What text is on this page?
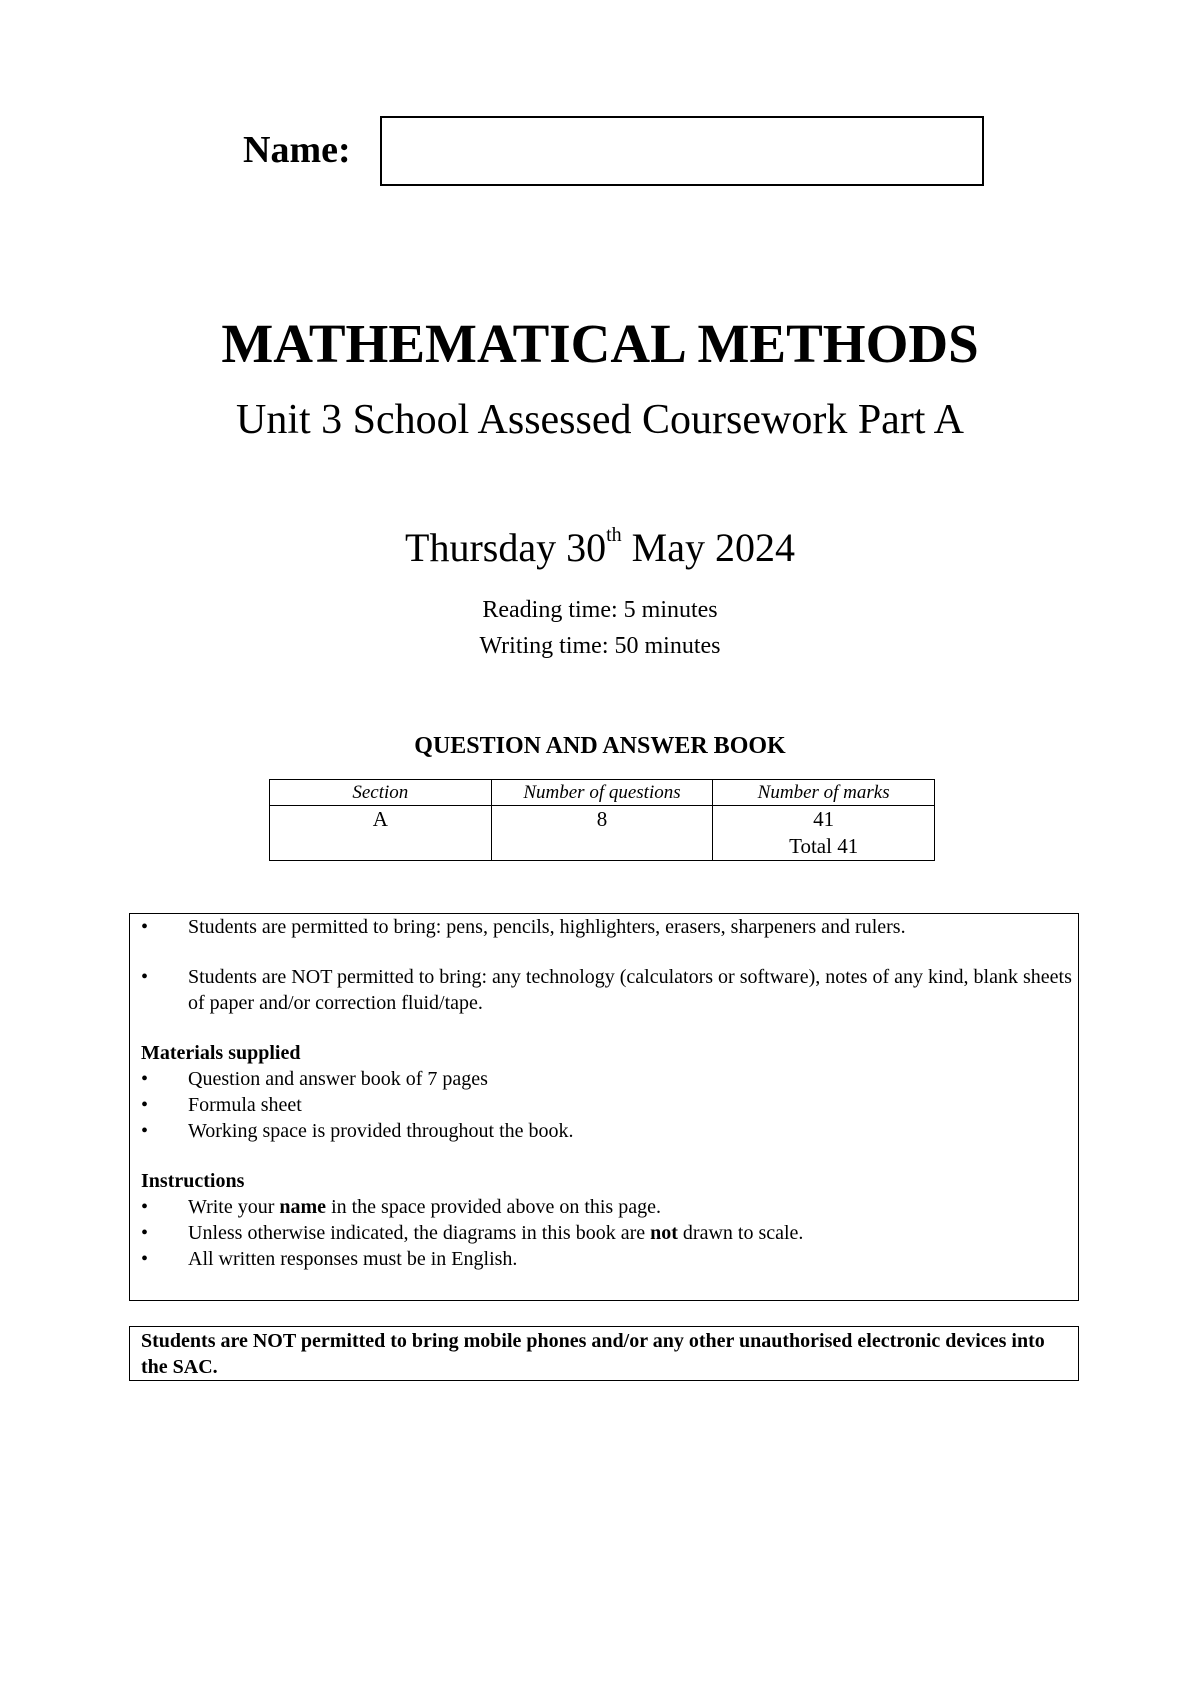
Name:
MATHEMATICAL METHODS
Unit 3 School Assessed Coursework Part A
Thursday 30th May 2024
Reading time: 5 minutes
Writing time: 50 minutes
QUESTION AND ANSWER BOOK
Section	Number of questions	Number of marks
A	8	41
		Total 41
• Students are permitted to bring: pens, pencils, highlighters, erasers, sharpeners and rulers.
• Students are NOT permitted to bring: any technology (calculators or software), notes of any kind, blank sheets of paper and/or correction fluid/tape.
Materials supplied
• Question and answer book of 7 pages
• Formula sheet
• Working space is provided throughout the book.
Instructions
• Write your name in the space provided above on this page.
• Unless otherwise indicated, the diagrams in this book are not drawn to scale.
• All written responses must be in English.
Students are NOT permitted to bring mobile phones and/or any other unauthorised electronic devices into the SAC.
